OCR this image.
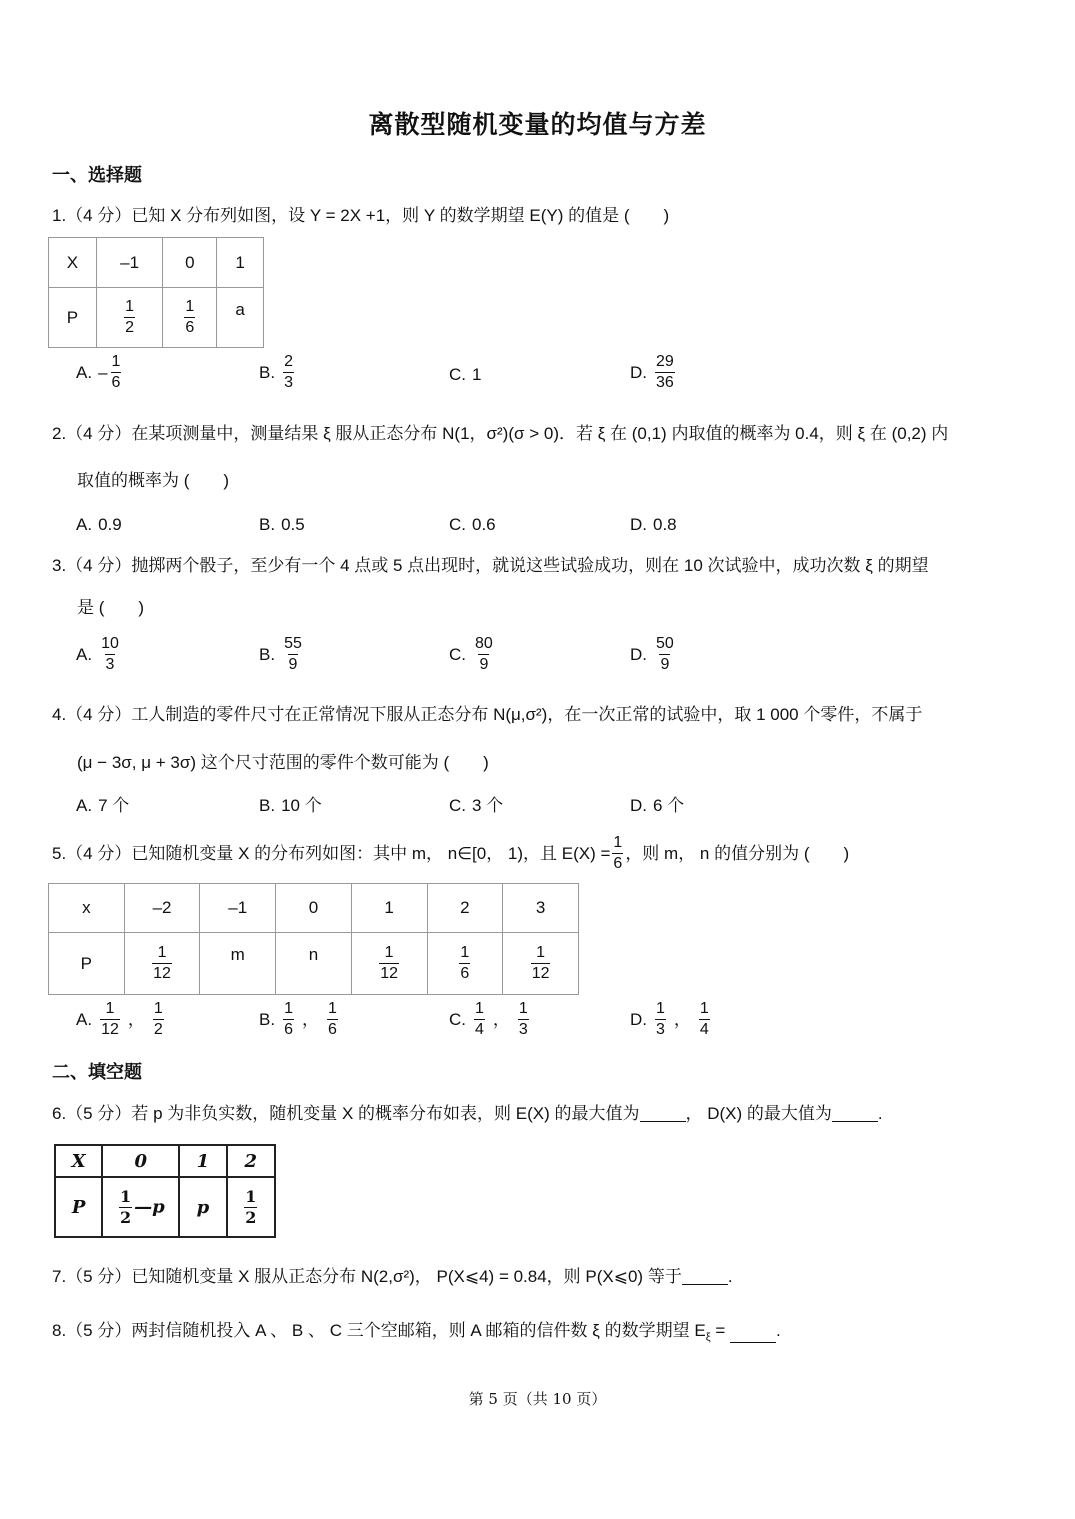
离散型随机变量的均值与方差
一、选择题
1.（4 分）已知 X 分布列如图，设 Y = 2X +1，则 Y 的数学期望 E(Y) 的值是 (　　)
X	–1	0	1
P	$\frac{1}{2}$	$\frac{1}{6}$	a
A. – $\frac{1}{6}$	B. $\frac{2}{3}$	C. 1	D. $\frac{29}{36}$
2.（4 分）在某项测量中，测量结果 ξ 服从正态分布 N(1，σ²)(σ > 0)．若 ξ 在 (0,1) 内取值的概率为 0.4，则 ξ 在 (0,2) 内
取值的概率为 (　　)
A. 0.9	B. 0.5	C. 0.6	D. 0.8
3.（4 分）抛掷两个骰子，至少有一个 4 点或 5 点出现时，就说这些试验成功，则在 10 次试验中，成功次数 ξ 的期望
是 (　　)
A. $\frac{10}{3}$	B. $\frac{55}{9}$	C. $\frac{80}{9}$	D. $\frac{50}{9}$
4.（4 分）工人制造的零件尺寸在正常情况下服从正态分布 N(μ,σ²)，在一次正常的试验中，取 1 000 个零件，不属于
(μ − 3σ, μ + 3σ) 这个尺寸范围的零件个数可能为 (　　)
A. 7 个	B. 10 个	C. 3 个	D. 6 个
5.（4 分）已知随机变量 X 的分布列如图：其中 m， n∈[0， 1)，且 $E(X) = \frac{1}{6}$ ，则 m， n 的值分别为 (　　)
x	–2	–1	0	1	2	3
P	$\frac{1}{12}$	m	n	$\frac{1}{12}$	$\frac{1}{6}$	$\frac{1}{12}$
A. $\frac{1}{12}$ ， $\frac{1}{2}$	B. $\frac{1}{6}$ ， $\frac{1}{6}$	C. $\frac{1}{4}$ ， $\frac{1}{3}$	D. $\frac{1}{3}$ ， $\frac{1}{4}$
二、填空题
6.（5 分）若 p 为非负实数，随机变量 X 的概率分布如表，则 E(X) 的最大值为	， D(X) 的最大值为	.
X	0	1	2
P	$\frac{1}{2}$ —p	p	$\frac{1}{2}$
7.（5 分）已知随机变量 X 服从正态分布 N(2,σ²)， P(X⩽4) = 0.84，则 P(X⩽0) 等于	.
8.（5 分）两封信随机投入 A 、 B 、 C 三个空邮箱，则 A 邮箱的信件数 ξ 的数学期望 $E_\xi$ =	.
第 5 页（共 10 页）
